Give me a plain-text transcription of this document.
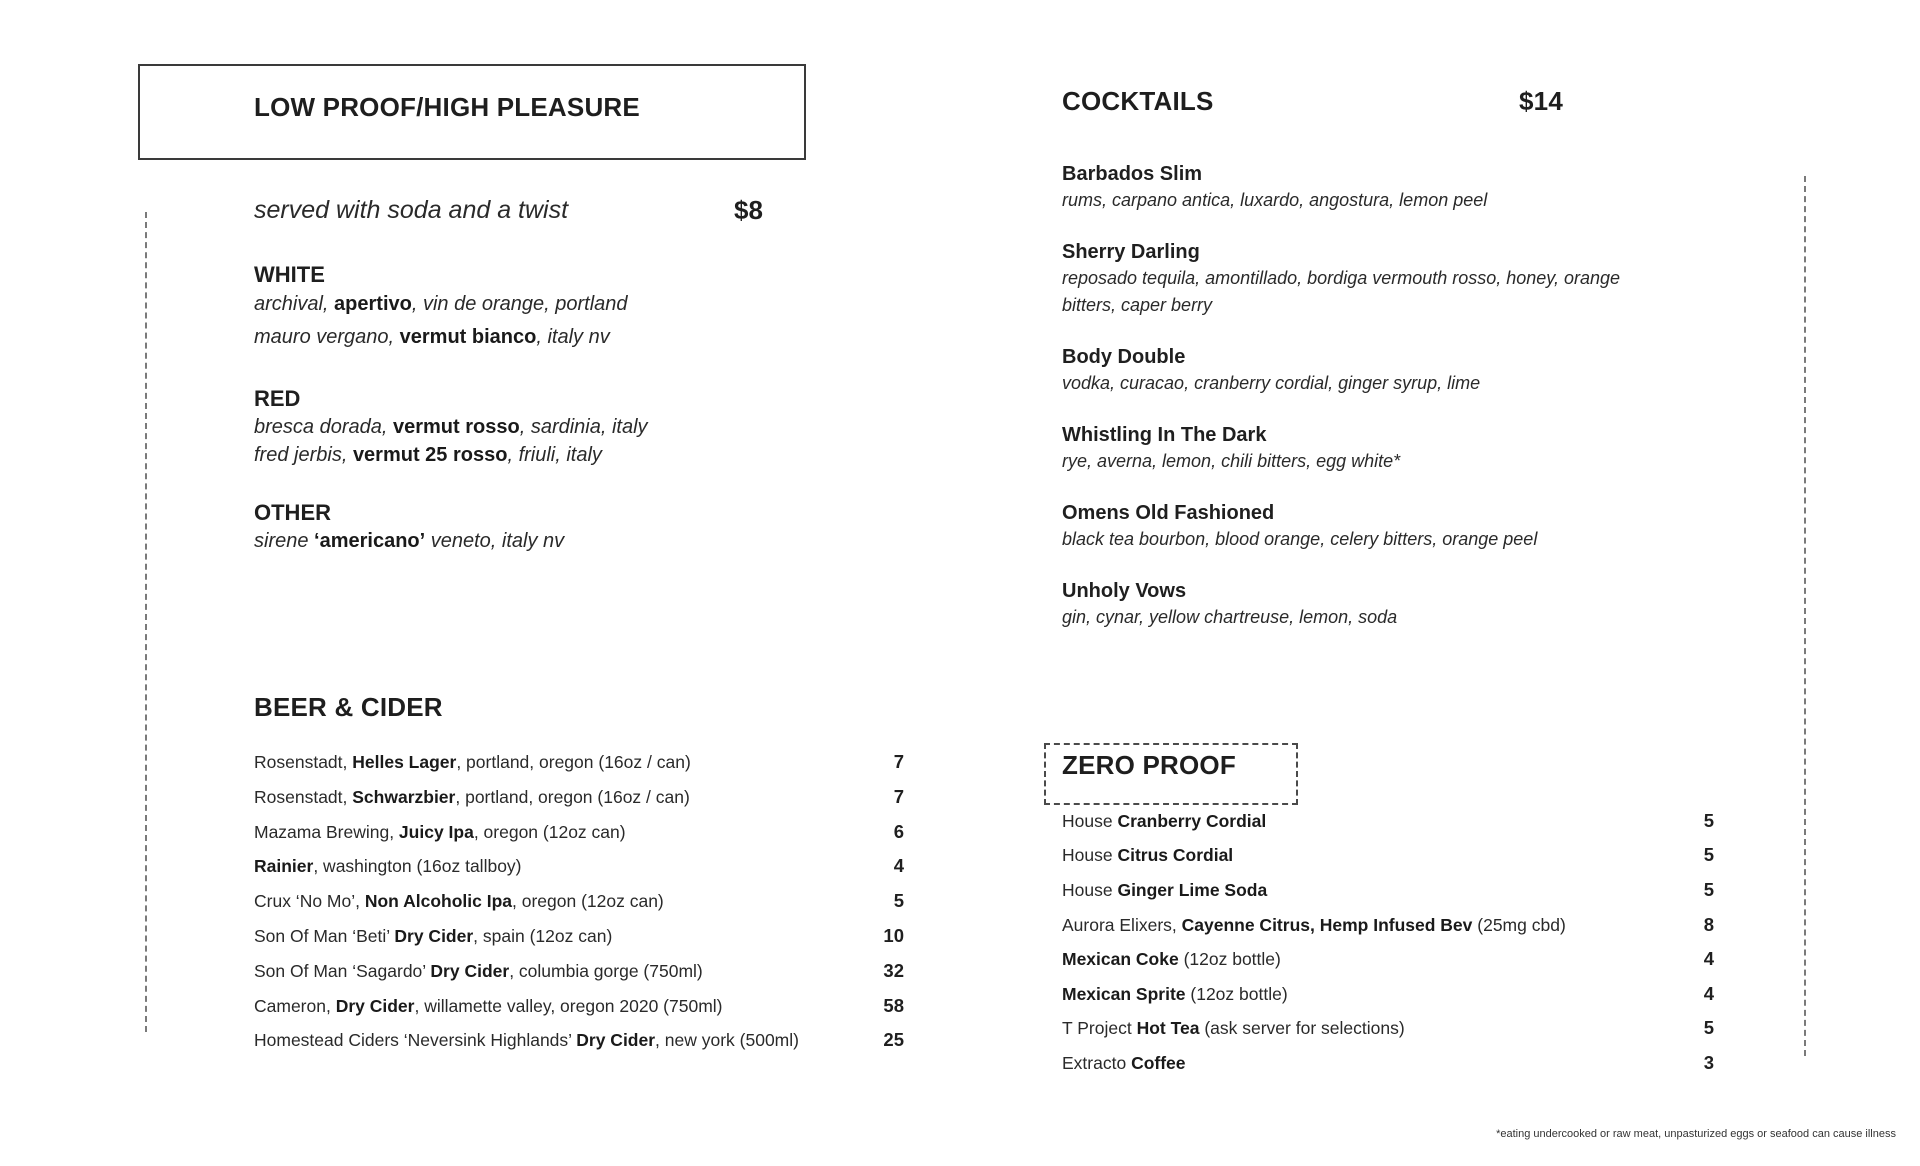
LOW PROOF/HIGH PLEASURE
served with soda and a twist	$8
WHITE
archival, apertivo, vin de orange, portland
mauro vergano, vermut bianco, italy nv
RED
bresca dorada, vermut rosso, sardinia, italy
fred jerbis, vermut 25 rosso, friuli, italy
OTHER
sirene ‘americano’ veneto, italy nv
COCKTAILS	$14
Barbados Slim
rums, carpano antica, luxardo, angostura, lemon peel
Sherry Darling
reposado tequila, amontillado, bordiga vermouth rosso, honey, orange bitters, caper berry
Body Double
vodka, curacao, cranberry cordial, ginger syrup, lime
Whistling In The Dark
rye, averna, lemon, chili bitters, egg white*
Omens Old Fashioned
black tea bourbon, blood orange, celery bitters, orange peel
Unholy Vows
gin, cynar, yellow chartreuse, lemon, soda
BEER & CIDER
Rosenstadt, Helles Lager, portland, oregon (16oz / can)	7
Rosenstadt, Schwarzbier, portland, oregon (16oz / can)	7
Mazama Brewing, Juicy Ipa, oregon (12oz can)	6
Rainier, washington (16oz tallboy)	4
Crux ‘No Mo’, Non Alcoholic Ipa, oregon (12oz can)	5
Son Of Man ‘Beti’ Dry Cider, spain (12oz can)	10
Son Of Man ‘Sagardo’ Dry Cider, columbia gorge (750ml)	32
Cameron, Dry Cider, willamette valley, oregon 2020 (750ml)	58
Homestead Ciders ‘Neversink Highlands’ Dry Cider, new york (500ml)	25
ZERO PROOF
House Cranberry Cordial	5
House Citrus Cordial	5
House Ginger Lime Soda	5
Aurora Elixers, Cayenne Citrus, Hemp Infused Bev (25mg cbd)	8
Mexican Coke (12oz bottle)	4
Mexican Sprite (12oz bottle)	4
T Project Hot Tea (ask server for selections)	5
Extracto Coffee	3
*eating undercooked or raw meat, unpasturized eggs or seafood can cause illness
